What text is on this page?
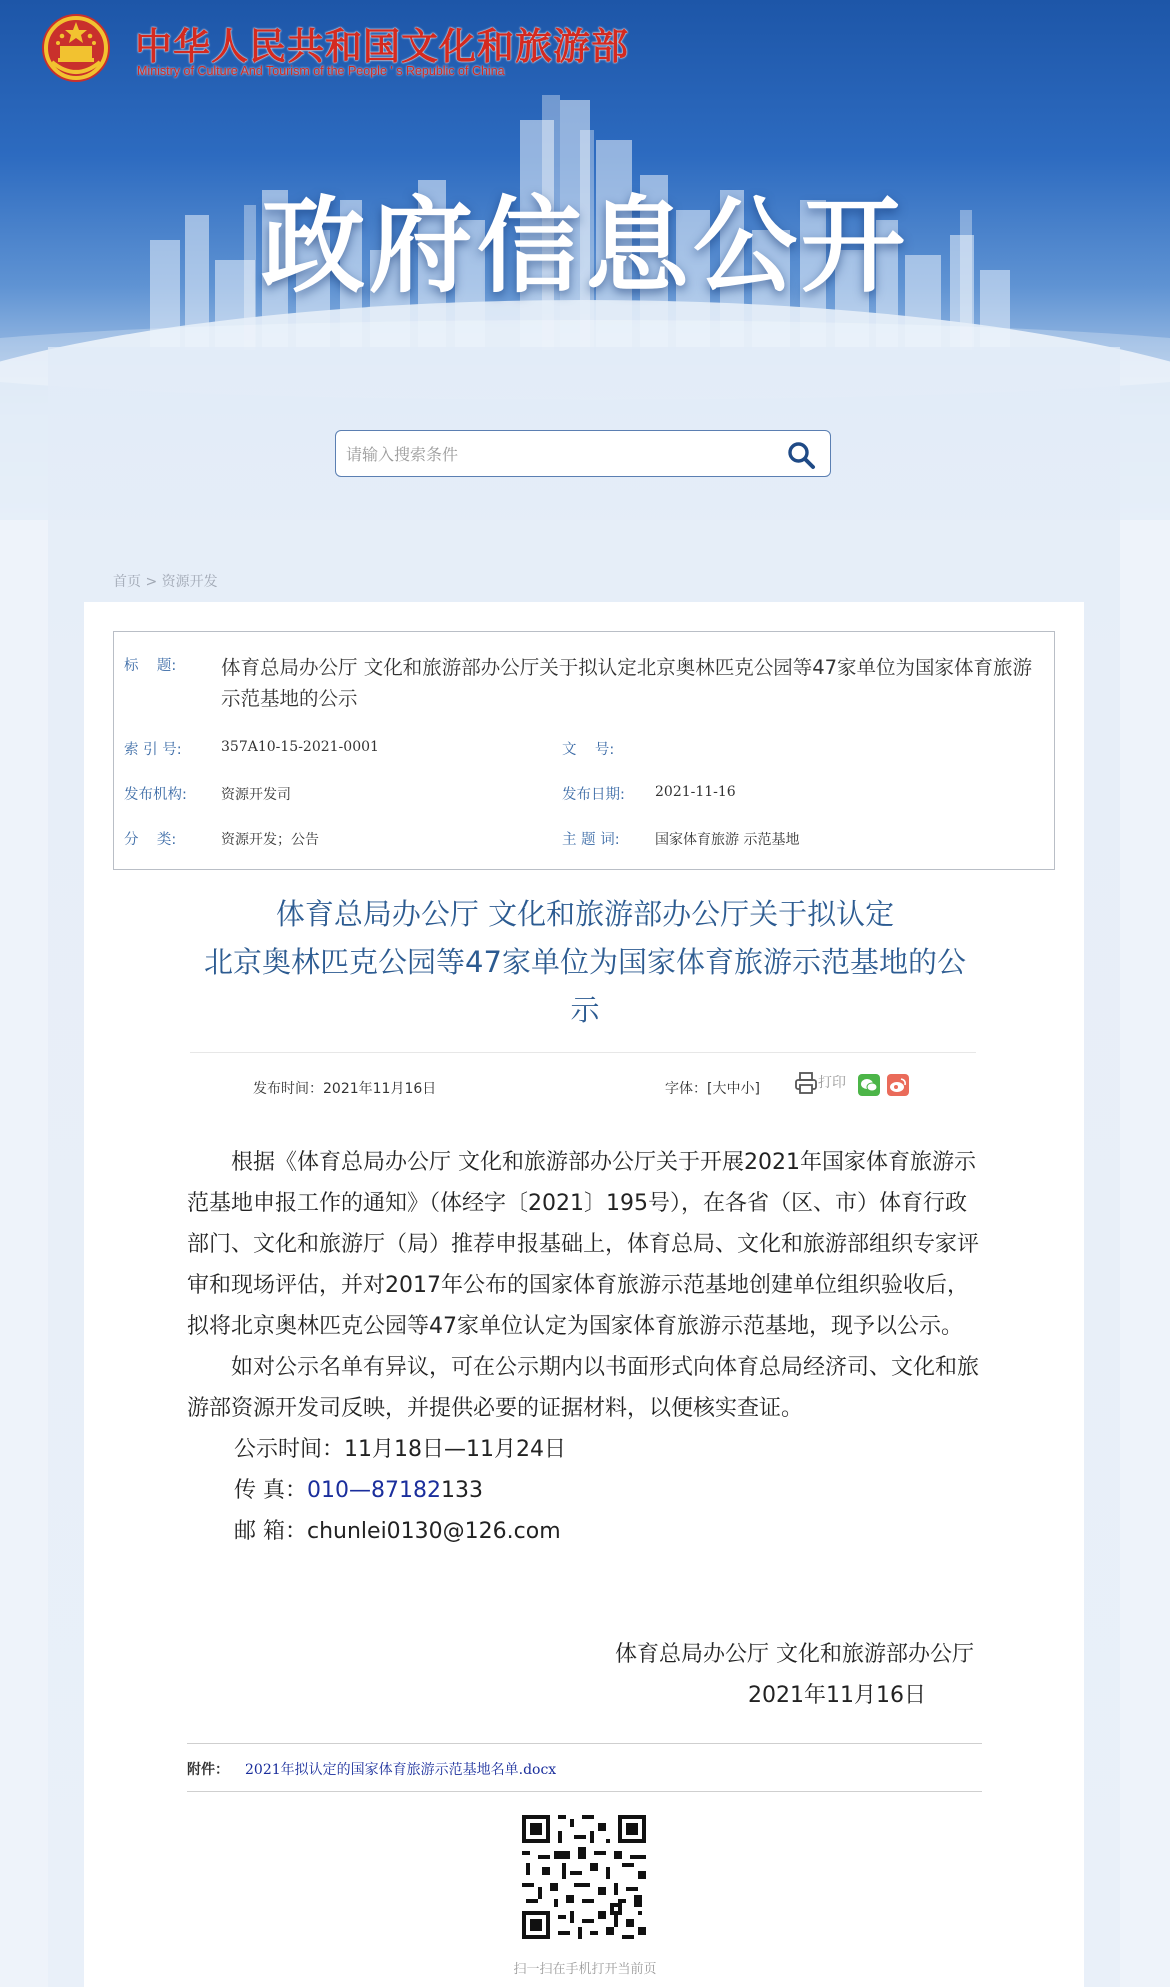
中华人民共和国文化和旅游部
Ministry of Culture And Tourism of the People ' s Republic of China
政府信息公开
请输入搜索条件
首页 > 资源开发
标    题: 体育总局办公厅 文化和旅游部办公厅关于拟认定北京奥林匹克公园等47家单位为国家体育旅游示范基地的公示
索 引 号:	357A10-15-2021-0001	文    号:
发布机构: 资源开发司	发布日期: 2021-11-16
分    类:	资源开发；公告	主 题 词:	国家体育旅游 示范基地
体育总局办公厅 文化和旅游部办公厅关于拟认定
北京奥林匹克公园等47家单位为国家体育旅游示范基地的公
示
发布时间：2021年11月16日	字体：[大中小]	打印

根据《体育总局办公厅 文化和旅游部办公厅关于开展2021年国家体育旅游示范基地申报工作的通知》（体经字〔2021〕195号），在各省（区、市）体育行政部门、文化和旅游厅（局）推荐申报基础上，体育总局、文化和旅游部组织专家评审和现场评估，并对2017年公布的国家体育旅游示范基地创建单位组织验收后，拟将北京奥林匹克公园等47家单位认定为国家体育旅游示范基地，现予以公示。

如对公示名单有异议，可在公示期内以书面形式向体育总局经济司、文化和旅游部资源开发司反映，并提供必要的证据材料，以便核实查证。

公示时间：11月18日—11月24日
传 真：010—87182133
邮 箱：chunlei0130@126.com
体育总局办公厅 文化和旅游部办公厅
2021年11月16日
附件： 2021年拟认定的国家体育旅游示范基地名单.docx
扫一扫在手机打开当前页
